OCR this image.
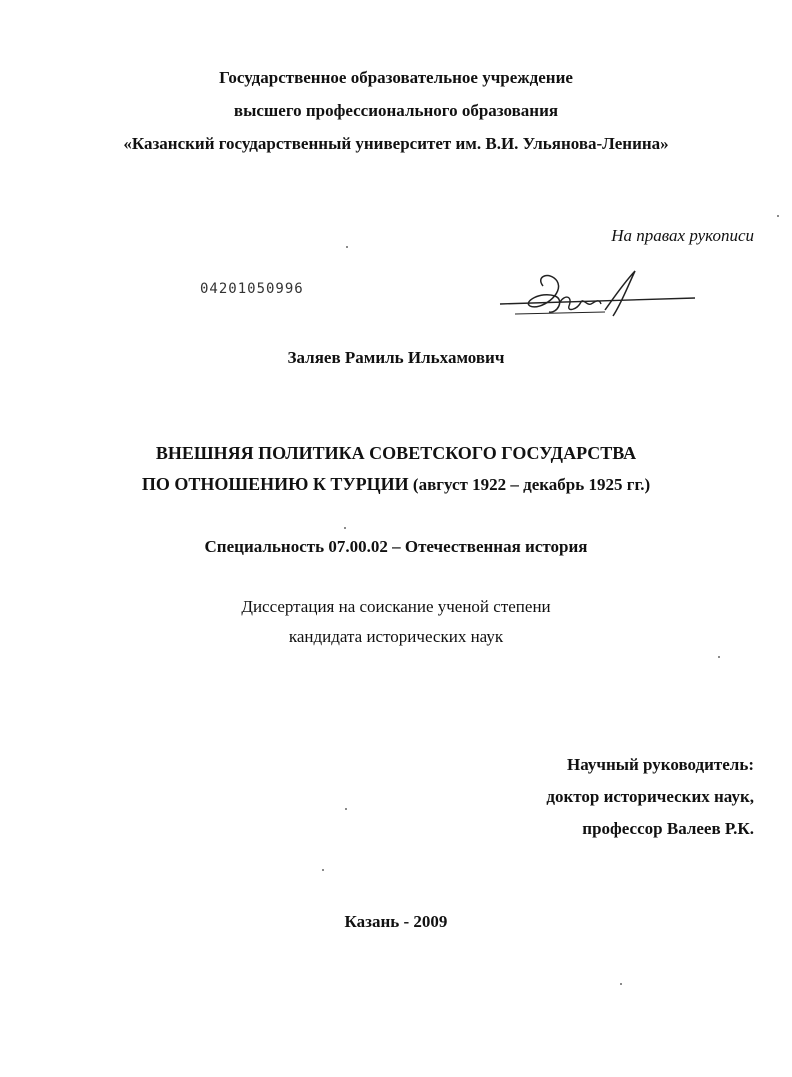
Государственное образовательное учреждение
высшего профессионального образования
«Казанский государственный университет им. В.И. Ульянова-Ленина»
На правах рукописи
04201050996
Заляев Рамиль Ильхамович
ВНЕШНЯЯ ПОЛИТИКА СОВЕТСКОГО ГОСУДАРСТВА
ПО ОТНОШЕНИЮ К ТУРЦИИ (август 1922 – декабрь 1925 гг.)
Специальность 07.00.02 – Отечественная история
Диссертация на соискание ученой степени
кандидата исторических наук
Научный руководитель:
доктор исторических наук,
профессор Валеев Р.К.
Казань - 2009
